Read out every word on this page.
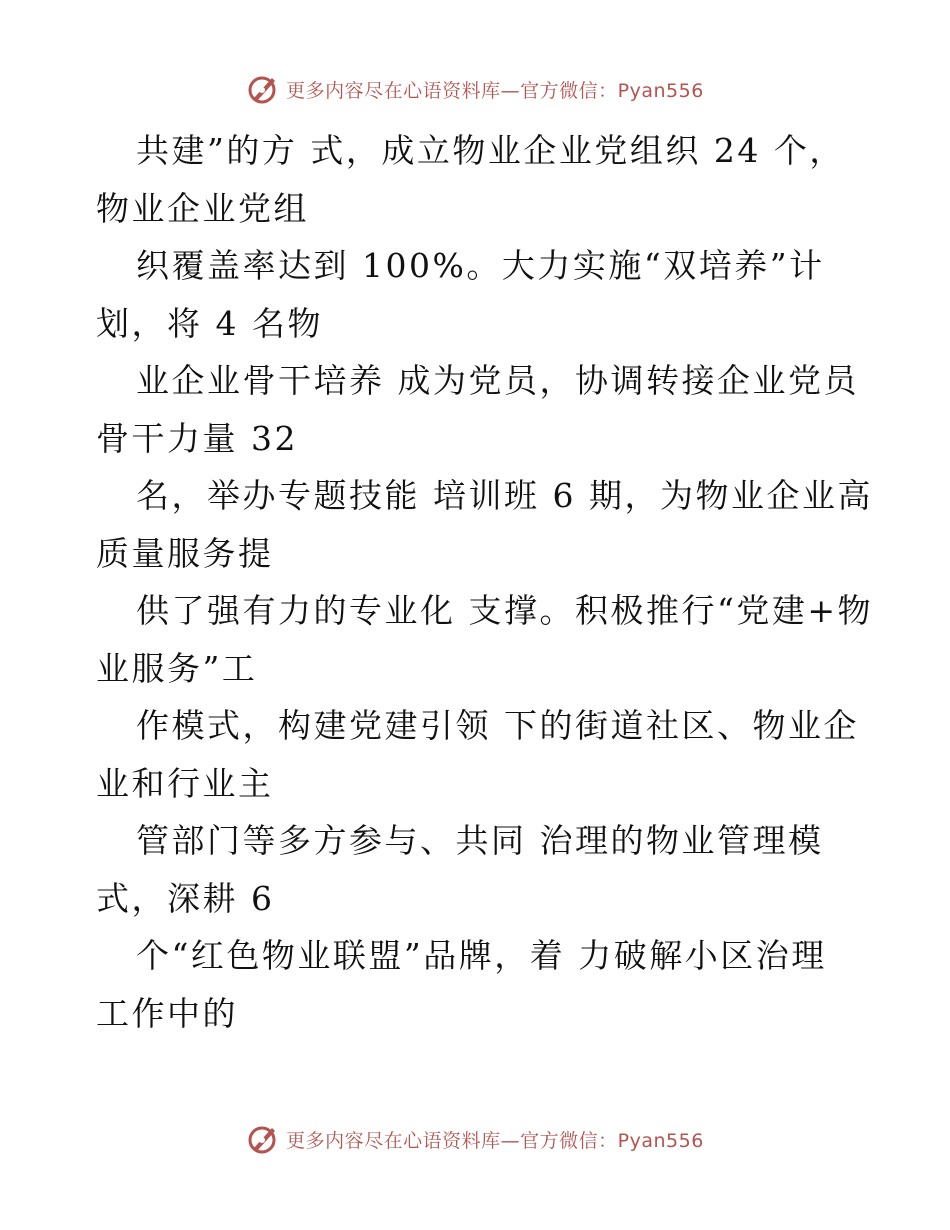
更多内容尽在心语资料库—官方微信：Pyan556
共建”的方 式，成立物业企业党组织 24 个，
物业企业党组
织覆盖率达到 100%。大力实施“双培养”计
划，将 4 名物
业企业骨干培养 成为党员，协调转接企业党员
骨干力量 32
名，举办专题技能 培训班 6 期，为物业企业高
质量服务提
供了强有力的专业化 支撑。积极推行“党建+物
业服务”工
作模式，构建党建引领 下的街道社区、物业企
业和行业主
管部门等多方参与、共同 治理的物业管理模
式，深耕 6
个“红色物业联盟”品牌，着 力破解小区治理
工作中的
更多内容尽在心语资料库—官方微信：Pyan556
